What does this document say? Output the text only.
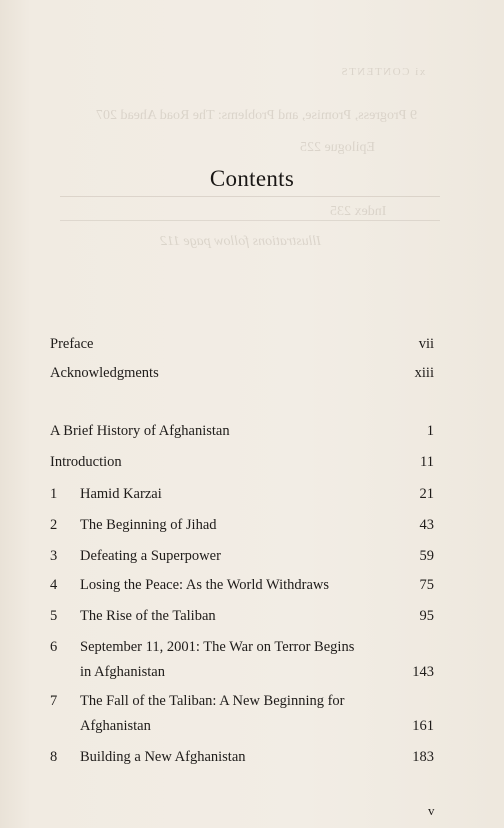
xi CONTENTS
9 Progress, Promise, and Problems: The Road Ahead 207
Epilogue 225
Index 235
Illustrations follow page 112
Contents
Preface	vii
Acknowledgments	xiii
A Brief History of Afghanistan	1
Introduction	11
1 Hamid Karzai	21
2 The Beginning of Jihad	43
3 Defeating a Superpower	59
4 Losing the Peace: As the World Withdraws	75
5 The Rise of the Taliban	95
6 September 11, 2001: The War on Terror Begins
in Afghanistan	143
7 The Fall of the Taliban: A New Beginning for
Afghanistan	161
8 Building a New Afghanistan	183
v
